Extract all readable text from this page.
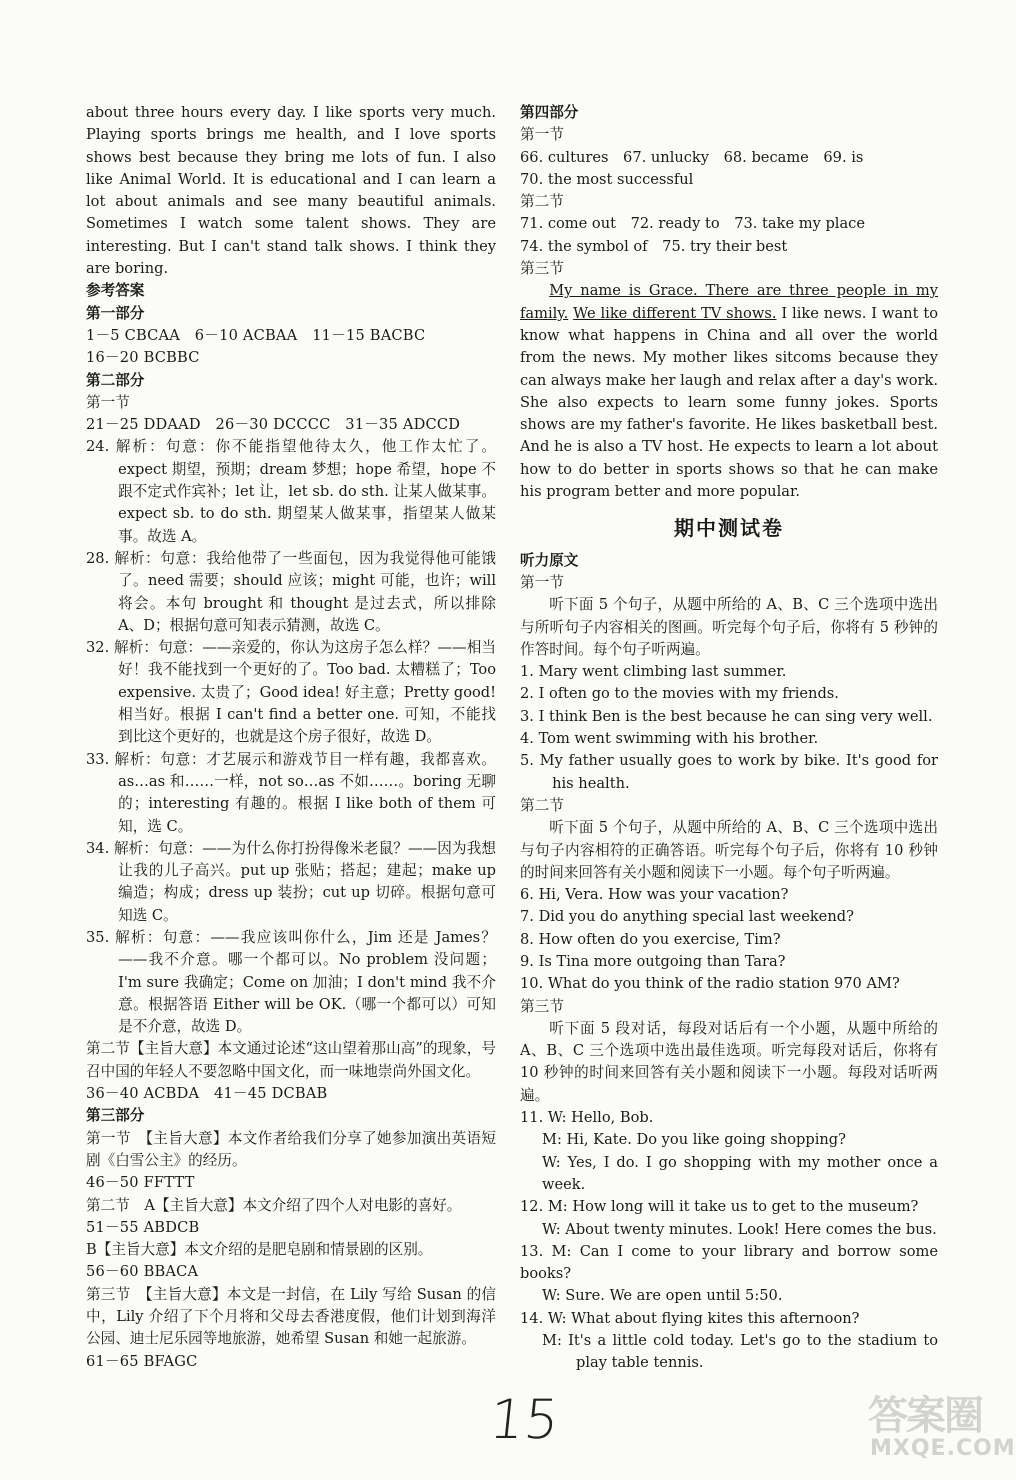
about three hours every day. I like sports very much. Playing sports brings me health, and I love sports shows best because they bring me lots of fun. I also like Animal World. It is educational and I can learn a lot about animals and see many beautiful animals. Sometimes I watch some talent shows. They are interesting. But I can't stand talk shows. I think they are boring.

参考答案

第一部分

1－5 CBCAA　6－10 ACBAA　11－15 BACBC

16－20 BCBBC

第二部分

第一节

21－25 DDAAD　26－30 DCCCC　31－35 ADCCD

24. 解析：句意：你不能指望他待太久，他工作太忙了。expect 期望，预期；dream 梦想；hope 希望，hope 不跟不定式作宾补；let 让，let sb. do sth. 让某人做某事。expect sb. to do sth. 期望某人做某事，指望某人做某事。故选 A。

28. 解析：句意：我给他带了一些面包，因为我觉得他可能饿了。need 需要；should 应该；might 可能，也许；will 将会。本句 brought 和 thought 是过去式，所以排除 A、D；根据句意可知表示猜测，故选 C。

32. 解析：句意：——亲爱的，你认为这房子怎么样？——相当好！我不能找到一个更好的了。Too bad. 太糟糕了；Too expensive. 太贵了；Good idea! 好主意；Pretty good! 相当好。根据 I can't find a better one. 可知，不能找到比这个更好的，也就是这个房子很好，故选 D。

33. 解析：句意：才艺展示和游戏节目一样有趣，我都喜欢。as…as 和……一样，not so…as 不如……。boring 无聊的；interesting 有趣的。根据 I like both of them 可知，选 C。

34. 解析：句意：——为什么你打扮得像米老鼠？——因为我想让我的儿子高兴。put up 张贴；搭起；建起；make up 编造；构成；dress up 装扮；cut up 切碎。根据句意可知选 C。

35. 解析：句意：——我应该叫你什么，Jim 还是 James？——我不介意。哪一个都可以。No problem 没问题；I'm sure 我确定；Come on 加油；I don't mind 我不介意。根据答语 Either will be OK.（哪一个都可以）可知是不介意，故选 D。

第二节【主旨大意】本文通过论述“这山望着那山高”的现象，号召中国的年轻人不要忽略中国文化，而一味地崇尚外国文化。

36－40 ACBDA　41－45 DCBAB

第三部分

第一节　【主旨大意】本文作者给我们分享了她参加演出英语短剧《白雪公主》的经历。

46－50 FFTTT

第二节　A【主旨大意】本文介绍了四个人对电影的喜好。

51－55 ABDCB

B【主旨大意】本文介绍的是肥皂剧和情景剧的区别。

56－60 BBACA

第三节　【主旨大意】本文是一封信，在 Lily 写给 Susan 的信中，Lily 介绍了下个月将和父母去香港度假，他们计划到海洋公园、迪士尼乐园等地旅游，她希望 Susan 和她一起旅游。

61－65 BFAGC

第四部分

第一节

66. cultures　67. unlucky　68. became　69. is

70. the most successful

第二节

71. come out　72. ready to　73. take my place

74. the symbol of　75. try their best

第三节

My name is Grace. There are three people in my family. We like different TV shows. I like news. I want to know what happens in China and all over the world from the news. My mother likes sitcoms because they can always make her laugh and relax after a day's work. She also expects to learn some funny jokes. Sports shows are my father's favorite. He likes basketball best. And he is also a TV host. He expects to learn a lot about how to do better in sports shows so that he can make his program better and more popular.

期中测试卷

听力原文

第一节

听下面 5 个句子，从题中所给的 A、B、C 三个选项中选出与所听句子内容相关的图画。听完每个句子后，你将有 5 秒钟的作答时间。每个句子听两遍。

1. Mary went climbing last summer.

2. I often go to the movies with my friends.

3. I think Ben is the best because he can sing very well.

4. Tom went swimming with his brother.

5. My father usually goes to work by bike. It's good for his health.

第二节

听下面 5 个句子，从题中所给的 A、B、C 三个选项中选出与句子内容相符的正确答语。听完每个句子后，你将有 10 秒钟的时间来回答有关小题和阅读下一小题。每个句子听两遍。

6. Hi, Vera. How was your vacation?

7. Did you do anything special last weekend?

8. How often do you exercise, Tim?

9. Is Tina more outgoing than Tara?

10. What do you think of the radio station 970 AM?

第三节

听下面 5 段对话，每段对话后有一个小题，从题中所给的 A、B、C 三个选项中选出最佳选项。听完每段对话后，你将有 10 秒钟的时间来回答有关小题和阅读下一小题。每段对话听两遍。

11. W: Hello, Bob.

M: Hi, Kate. Do you like going shopping?

W: Yes, I do. I go shopping with my mother once a week.

12. M: How long will it take us to get to the museum?

W: About twenty minutes. Look! Here comes the bus.

13. M: Can I come to your library and borrow some books?

W: Sure. We are open until 5:50.

14. W: What about flying kites this afternoon?

M: It's a little cold today. Let's go to the stadium to play table tennis.

15	答案圈
MXQE.COM
